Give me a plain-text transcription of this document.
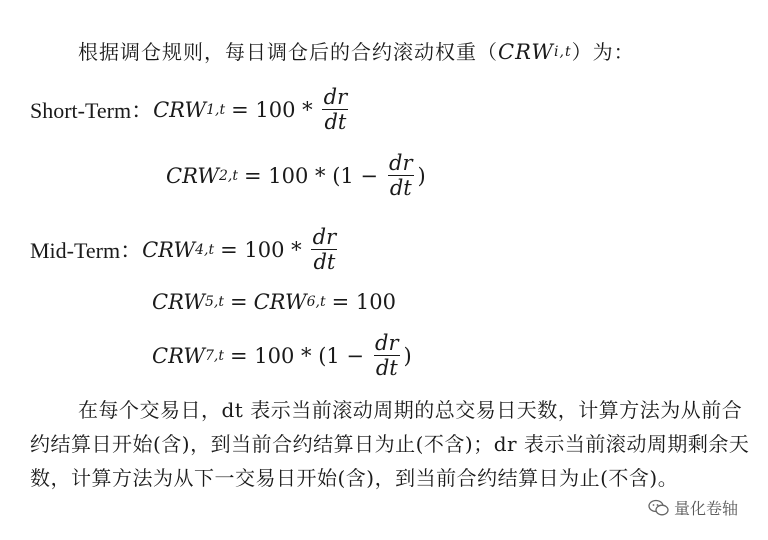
根据调仓规则，每日调仓后的合约滚动权重（ CRW i,t ）为：
Short-Term： CRW $1,t = 100 * \frac{dr}{dt}$
CRW $2,t = 100 * (1 - \frac{dr}{dt}$ )
Mid-Term： CRW $4,t = 100 * \frac{dr}{dt}$
CRW 5,t = CRW 6,t = 100
CRW $7,t = 100 * (1 - \frac{dr}{dt}$ )
在每个交易日，dt 表示当前滚动周期的总交易日天数，计算方法为从前合约结算日开始(含)，到当前合约结算日为止(不含)；dr 表示当前滚动周期剩余天数，计算方法为从下一交易日开始(含)，到当前合约结算日为止(不含)。
量化卷轴
